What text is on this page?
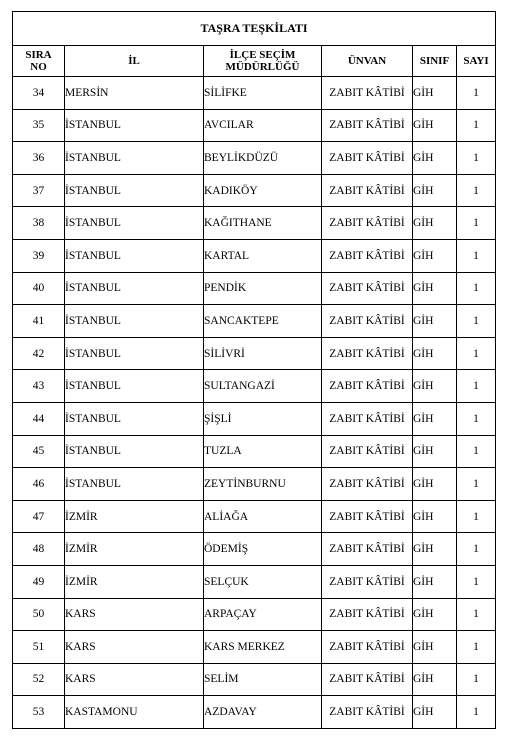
TAŞRA TEŞKİLATI					
SIRA
NO	İL	İLÇE SEÇİM
MÜDÜRLÜĞÜ	ÜNVAN	SINIF	SAYI
34	MERSİN	SİLİFKE	ZABIT KÂTİBİ	GİH	1
35	İSTANBUL	AVCILAR	ZABIT KÂTİBİ	GİH	1
36	İSTANBUL	BEYLİKDÜZÜ	ZABIT KÂTİBİ	GİH	1
37	İSTANBUL	KADIKÖY	ZABIT KÂTİBİ	GİH	1
38	İSTANBUL	KAĞITHANE	ZABIT KÂTİBİ	GİH	1
39	İSTANBUL	KARTAL	ZABIT KÂTİBİ	GİH	1
40	İSTANBUL	PENDİK	ZABIT KÂTİBİ	GİH	1
41	İSTANBUL	SANCAKTEPE	ZABIT KÂTİBİ	GİH	1
42	İSTANBUL	SİLİVRİ	ZABIT KÂTİBİ	GİH	1
43	İSTANBUL	SULTANGAZİ	ZABIT KÂTİBİ	GİH	1
44	İSTANBUL	ŞİŞLİ	ZABIT KÂTİBİ	GİH	1
45	İSTANBUL	TUZLA	ZABIT KÂTİBİ	GİH	1
46	İSTANBUL	ZEYTİNBURNU	ZABIT KÂTİBİ	GİH	1
47	İZMİR	ALİAĞA	ZABIT KÂTİBİ	GİH	1
48	İZMİR	ÖDEMİŞ	ZABIT KÂTİBİ	GİH	1
49	İZMİR	SELÇUK	ZABIT KÂTİBİ	GİH	1
50	KARS	ARPAÇAY	ZABIT KÂTİBİ	GİH	1
51	KARS	KARS MERKEZ	ZABIT KÂTİBİ	GİH	1
52	KARS	SELİM	ZABIT KÂTİBİ	GİH	1
53	KASTAMONU	AZDAVAY	ZABIT KÂTİBİ	GİH	1
